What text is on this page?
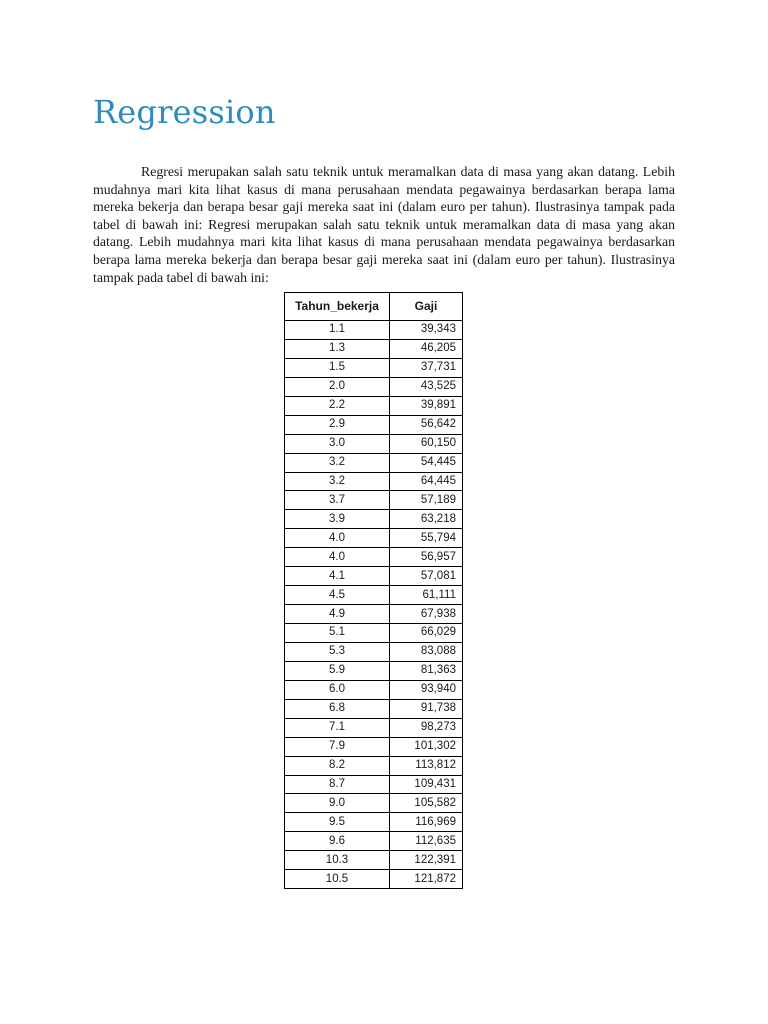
Regression

Regresi merupakan salah satu teknik untuk meramalkan data di masa yang akan datang. Lebih mudahnya mari kita lihat kasus di mana perusahaan mendata pegawainya berdasarkan berapa lama mereka bekerja dan berapa besar gaji mereka saat ini (dalam euro per tahun). Ilustrasinya tampak pada tabel di bawah ini: Regresi merupakan salah satu teknik untuk meramalkan data di masa yang akan datang. Lebih mudahnya mari kita lihat kasus di mana perusahaan mendata pegawainya berdasarkan berapa lama mereka bekerja dan berapa besar gaji mereka saat ini (dalam euro per tahun). Ilustrasinya tampak pada tabel di bawah ini:

Tahun_bekerja	Gaji
1.1	39,343
1.3	46,205
1.5	37,731
2.0	43,525
2.2	39,891
2.9	56,642
3.0	60,150
3.2	54,445
3.2	64,445
3.7	57,189
3.9	63,218
4.0	55,794
4.0	56,957
4.1	57,081
4.5	61,111
4.9	67,938
5.1	66,029
5.3	83,088
5.9	81,363
6.0	93,940
6.8	91,738
7.1	98,273
7.9	101,302
8.2	113,812
8.7	109,431
9.0	105,582
9.5	116,969
9.6	112,635
10.3	122,391
10.5	121,872
